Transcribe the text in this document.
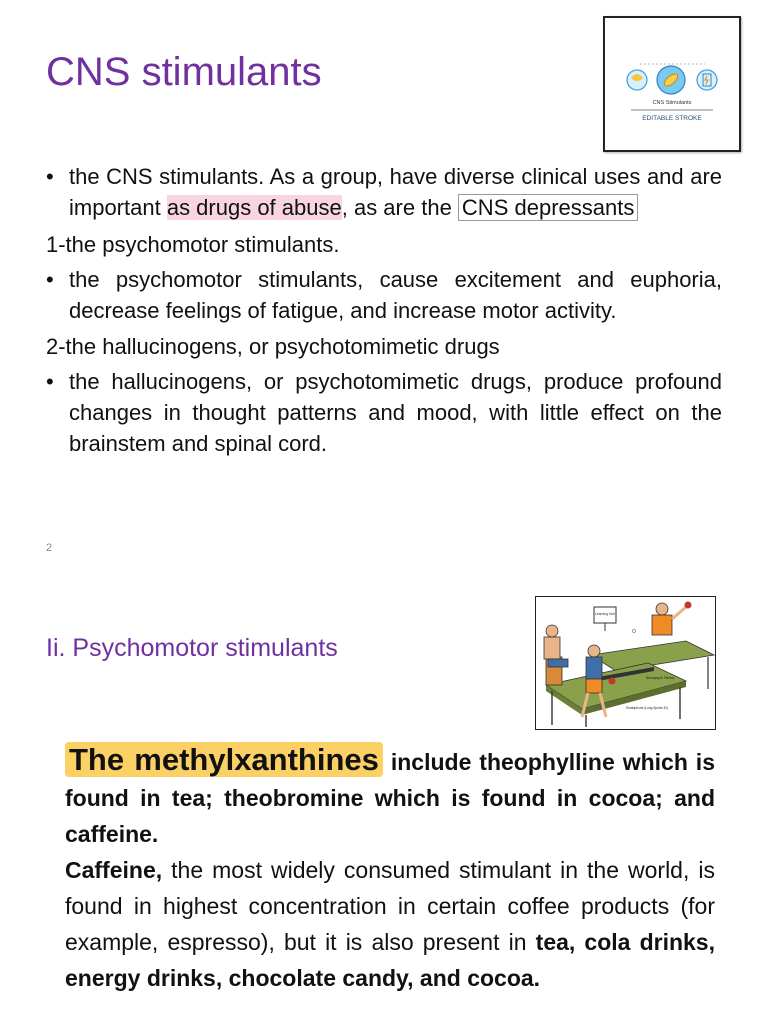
CNS stimulants
CNS Stimulants
EDITABLE STROKE
• the CNS stimulants. As a group, have diverse clinical uses and are important as drugs of abuse, as are the CNS depressants
1-the psychomotor stimulants.
• the psychomotor stimulants, cause excitement and euphoria, decrease feelings of fatigue, and increase motor activity.
2-the hallucinogens, or psychotomimetic drugs
• the hallucinogens, or psychotomimetic drugs, produce profound changes in thought patterns and mood, with little effect on the brainstem and spinal cord.
2
Ii. Psychomotor stimulants
Learning Hub
Neuropsych Fitness
Smartphone (Long Sports 32)

The methylxanthines include theophylline which is found in tea; theobromine which is found in cocoa; and caffeine.

Caffeine, the most widely consumed stimulant in the world, is found in highest concentration in certain coffee products (for example, espresso), but it is also present in tea, cola drinks, energy drinks, chocolate candy, and cocoa.
